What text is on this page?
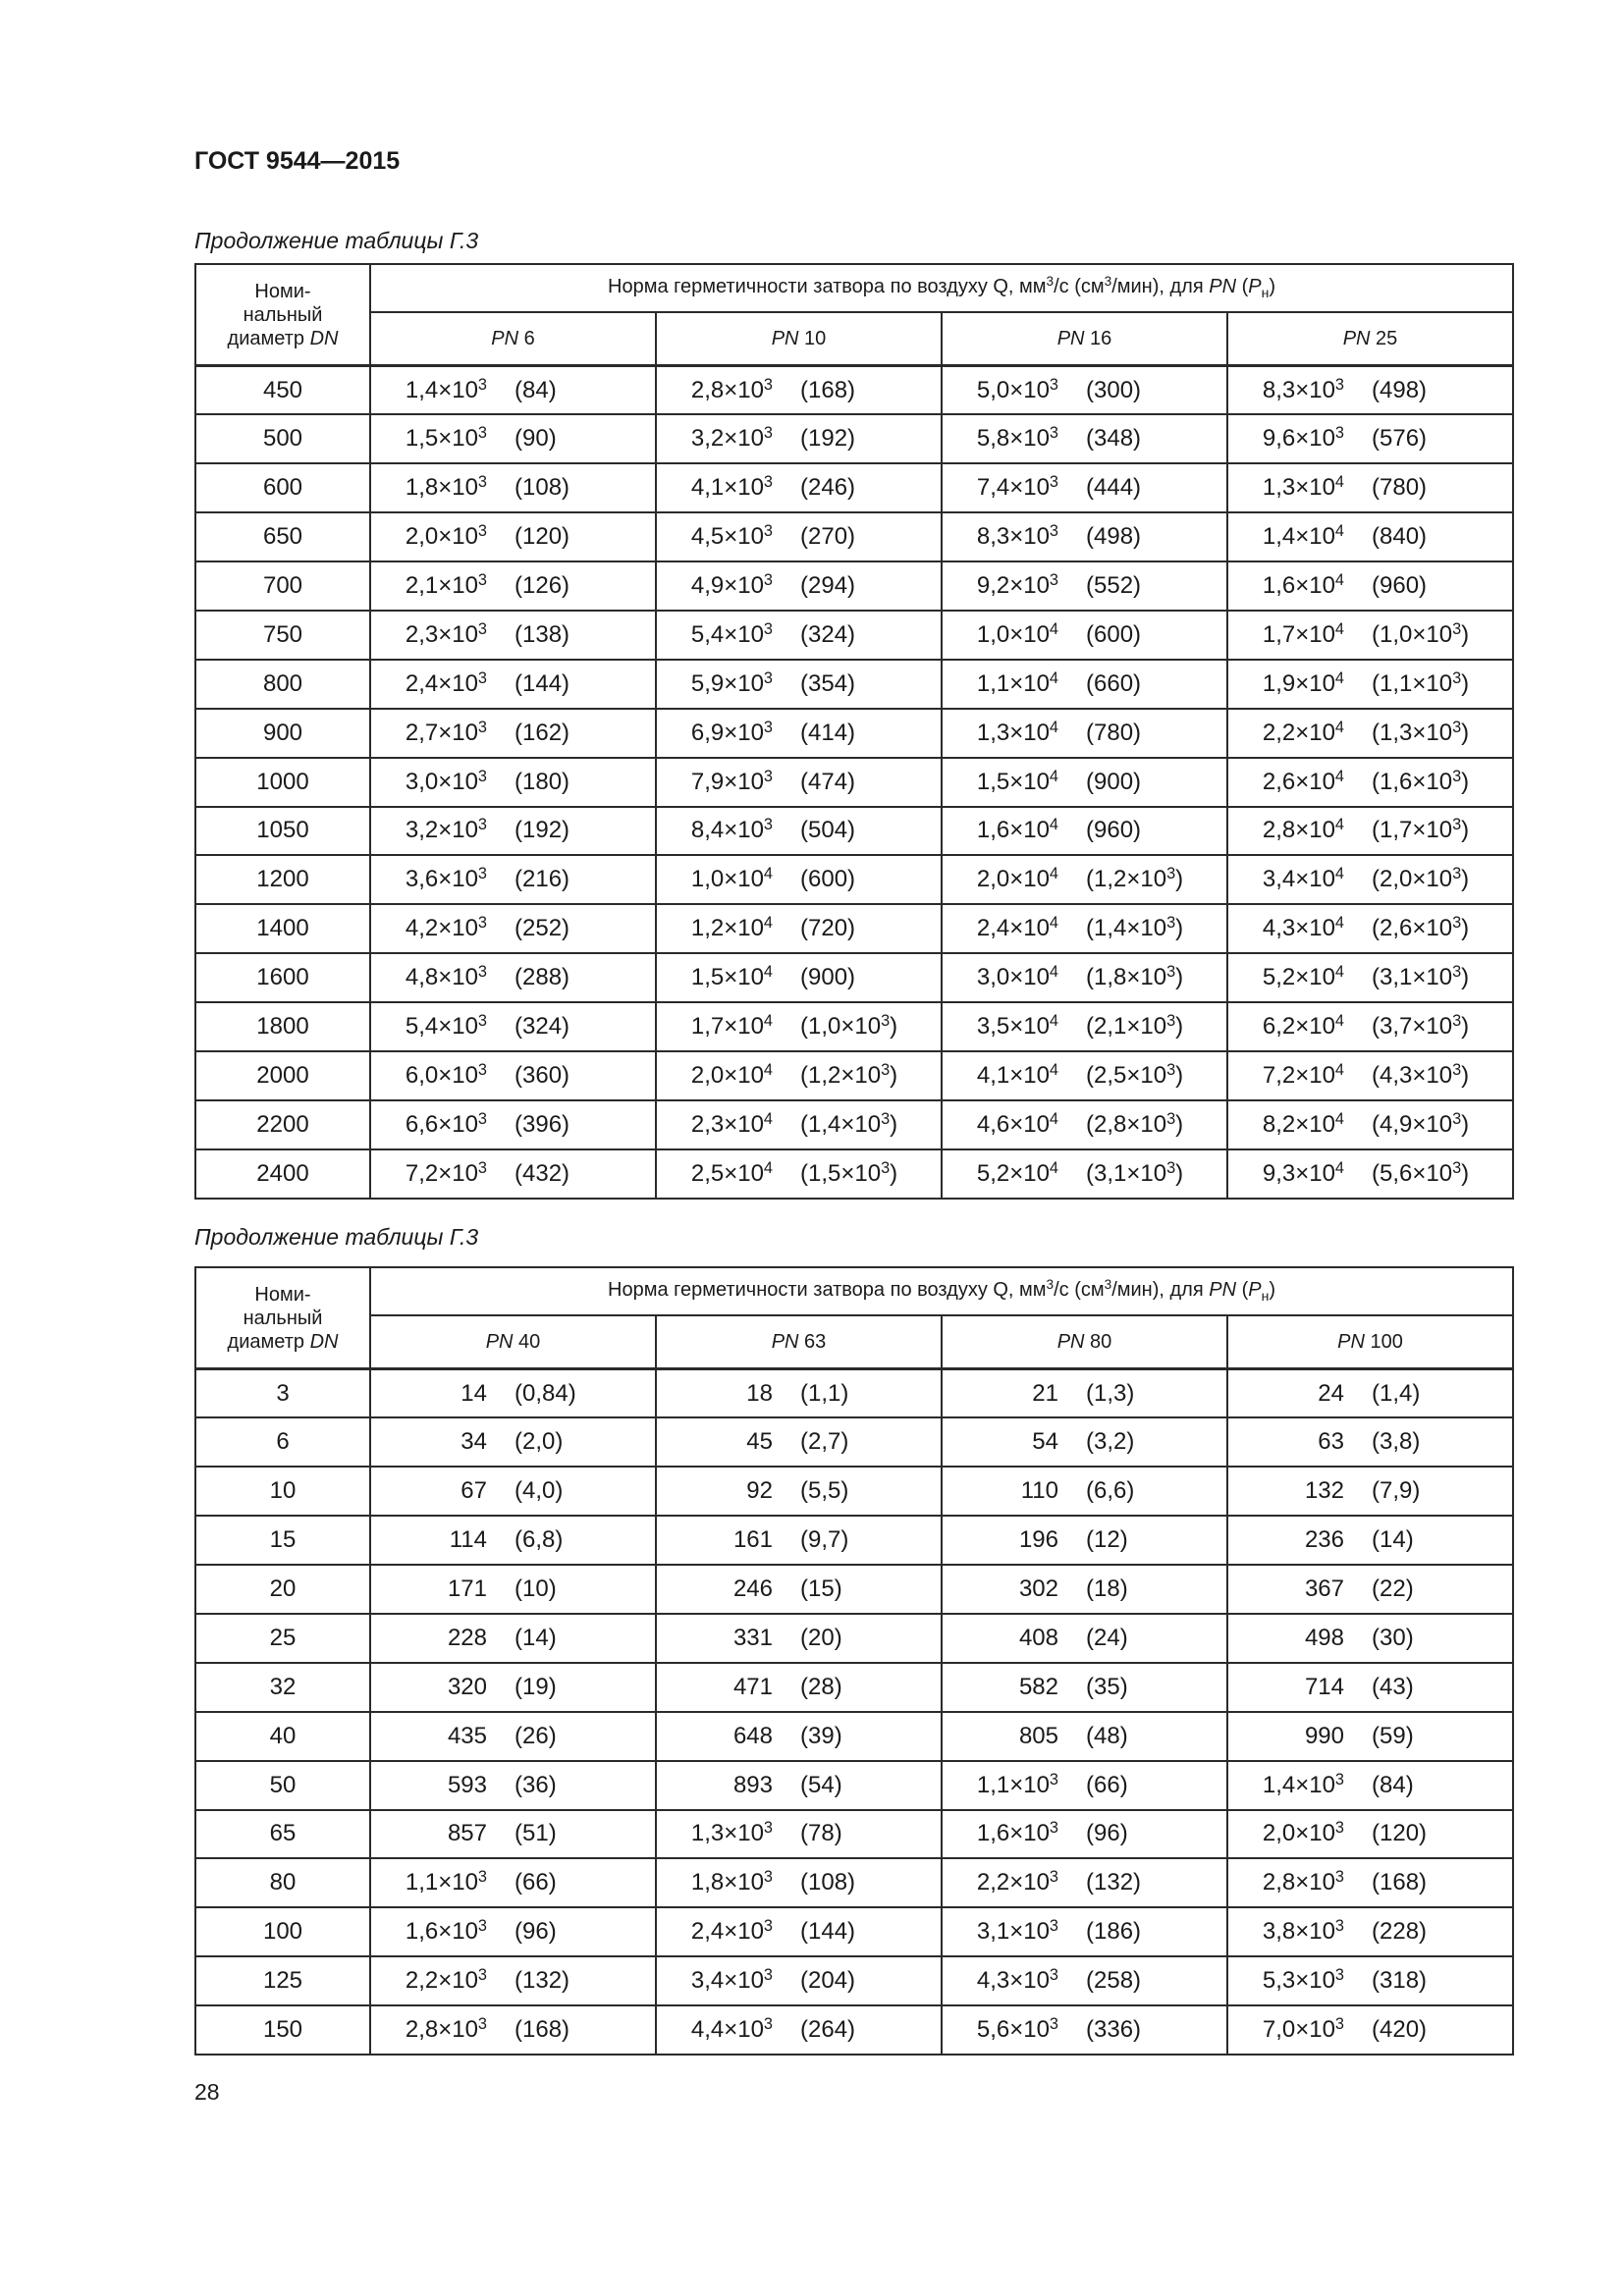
ГОСТ 9544—2015
Продолжение таблицы Г.3
Номи-
нальный
диаметр DN	Норма герметичности затвора по воздуху Q, $мм^3/с$ $(см^3/мин)$, для PN $(P_н)$			
	PN 6	PN 10	PN 16	PN 25
450	$1,4\times 10^3$ (84)	$2,8\times 10^3$ (168)	$5,0\times 10^3$ (300)	$8,3\times 10^3$ (498)
500	$1,5\times 10^3$ (90)	$3,2\times 10^3$ (192)	$5,8\times 10^3$ (348)	$9,6\times 10^3$ (576)
600	$1,8\times 10^3$ (108)	$4,1\times 10^3$ (246)	$7,4\times 10^3$ (444)	$1,3\times 10^4$ (780)
650	$2,0\times 10^3$ (120)	$4,5\times 10^3$ (270)	$8,3\times 10^3$ (498)	$1,4\times 10^4$ (840)
700	$2,1\times 10^3$ (126)	$4,9\times 10^3$ (294)	$9,2\times 10^3$ (552)	$1,6\times 10^4$ (960)
750	$2,3\times 10^3$ (138)	$5,4\times 10^3$ (324)	$1,0\times 10^4$ (600)	$1,7\times 10^4$ $(1,0\times 10^3)$
800	$2,4\times 10^3$ (144)	$5,9\times 10^3$ (354)	$1,1\times 10^4$ (660)	$1,9\times 10^4$ $(1,1\times 10^3)$
900	$2,7\times 10^3$ (162)	$6,9\times 10^3$ (414)	$1,3\times 10^4$ (780)	$2,2\times 10^4$ $(1,3\times 10^3)$
1000	$3,0\times 10^3$ (180)	$7,9\times 10^3$ (474)	$1,5\times 10^4$ (900)	$2,6\times 10^4$ $(1,6\times 10^3)$
1050	$3,2\times 10^3$ (192)	$8,4\times 10^3$ (504)	$1,6\times 10^4$ (960)	$2,8\times 10^4$ $(1,7\times 10^3)$
1200	$3,6\times 10^3$ (216)	$1,0\times 10^4$ (600)	$2,0\times 10^4$ $(1,2\times 10^3)$	$3,4\times 10^4$ $(2,0\times 10^3)$
1400	$4,2\times 10^3$ (252)	$1,2\times 10^4$ (720)	$2,4\times 10^4$ $(1,4\times 10^3)$	$4,3\times 10^4$ $(2,6\times 10^3)$
1600	$4,8\times 10^3$ (288)	$1,5\times 10^4$ (900)	$3,0\times 10^4$ $(1,8\times 10^3)$	$5,2\times 10^4$ $(3,1\times 10^3)$
1800	$5,4\times 10^3$ (324)	$1,7\times 10^4$ $(1,0\times 10^3)$	$3,5\times 10^4$ $(2,1\times 10^3)$	$6,2\times 10^4$ $(3,7\times 10^3)$
2000	$6,0\times 10^3$ (360)	$2,0\times 10^4$ $(1,2\times 10^3)$	$4,1\times 10^4$ $(2,5\times 10^3)$	$7,2\times 10^4$ $(4,3\times 10^3)$
2200	$6,6\times 10^3$ (396)	$2,3\times 10^4$ $(1,4\times 10^3)$	$4,6\times 10^4$ $(2,8\times 10^3)$	$8,2\times 10^4$ $(4,9\times 10^3)$
2400	$7,2\times 10^3$ (432)	$2,5\times 10^4$ $(1,5\times 10^3)$	$5,2\times 10^4$ $(3,1\times 10^3)$	$9,3\times 10^4$ $(5,6\times 10^3)$
Продолжение таблицы Г.3
Номи-
нальный
диаметр DN	Норма герметичности затвора по воздуху Q, $мм^3/с$ $(см^3/мин)$, для PN $(P_н)$			
	PN 40	PN 63	PN 80	PN 100
3	14 (0,84)	18 (1,1)	21 (1,3)	24 (1,4)
6	34 (2,0)	45 (2,7)	54 (3,2)	63 (3,8)
10	67 (4,0)	92 (5,5)	110 (6,6)	132 (7,9)
15	114 (6,8)	161 (9,7)	196 (12)	236 (14)
20	171 (10)	246 (15)	302 (18)	367 (22)
25	228 (14)	331 (20)	408 (24)	498 (30)
32	320 (19)	471 (28)	582 (35)	714 (43)
40	435 (26)	648 (39)	805 (48)	990 (59)
50	593 (36)	893 (54)	$1,1\times 10^3$ (66)	$1,4\times 10^3$ (84)
65	857 (51)	$1,3\times 10^3$ (78)	$1,6\times 10^3$ (96)	$2,0\times 10^3$ (120)
80	$1,1\times 10^3$ (66)	$1,8\times 10^3$ (108)	$2,2\times 10^3$ (132)	$2,8\times 10^3$ (168)
100	$1,6\times 10^3$ (96)	$2,4\times 10^3$ (144)	$3,1\times 10^3$ (186)	$3,8\times 10^3$ (228)
125	$2,2\times 10^3$ (132)	$3,4\times 10^3$ (204)	$4,3\times 10^3$ (258)	$5,3\times 10^3$ (318)
150	$2,8\times 10^3$ (168)	$4,4\times 10^3$ (264)	$5,6\times 10^3$ (336)	$7,0\times 10^3$ (420)
28
